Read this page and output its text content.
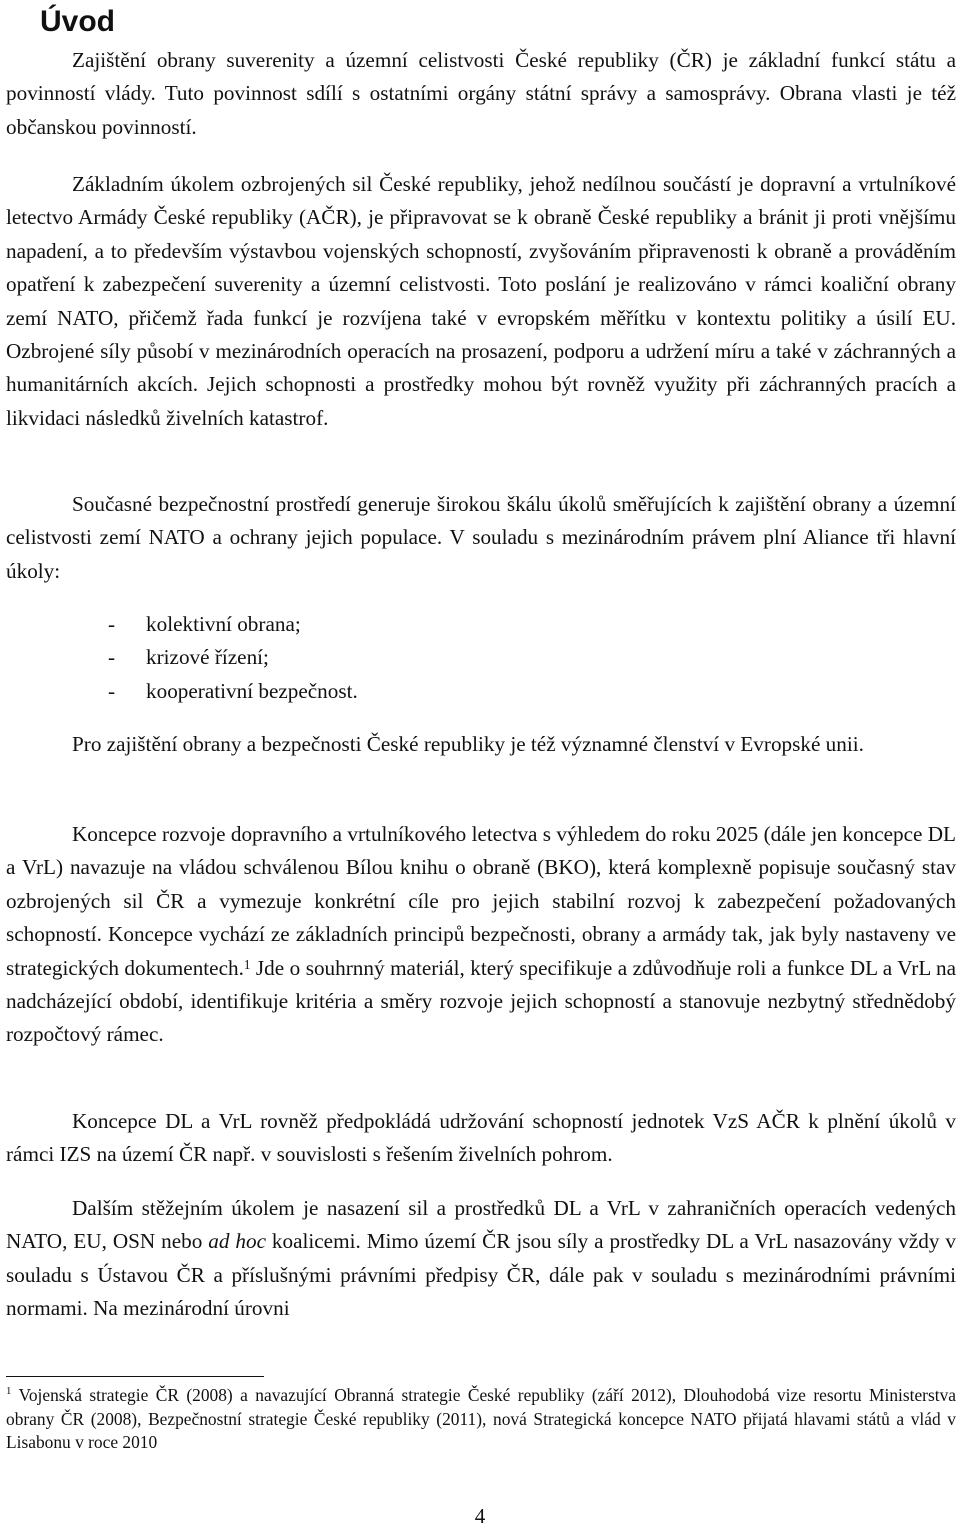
Úvod

Zajištění obrany suverenity a územní celistvosti České republiky (ČR) je základní funkcí státu a povinností vlády. Tuto povinnost sdílí s ostatními orgány státní správy a samosprávy. Obrana vlasti je též občanskou povinností.

Základním úkolem ozbrojených sil České republiky, jehož nedílnou součástí je dopravní a vrtulníkové letectvo Armády České republiky (AČR), je připravovat se k obraně České republiky a bránit ji proti vnějšímu napadení, a to především výstavbou vojenských schopností, zvyšováním připravenosti k obraně a prováděním opatření k zabezpečení suverenity a územní celistvosti. Toto poslání je realizováno v rámci koaliční obrany zemí NATO, přičemž řada funkcí je rozvíjena také v evropském měřítku v kontextu politiky a úsilí EU. Ozbrojené síly působí v mezinárodních operacích na prosazení, podporu a udržení míru a také v záchranných a humanitárních akcích. Jejich schopnosti a prostředky mohou být rovněž využity při záchranných pracích a likvidaci následků živelních katastrof.

Současné bezpečnostní prostředí generuje širokou škálu úkolů směřujících k zajištění obrany a územní celistvosti zemí NATO a ochrany jejich populace. V souladu s mezinárodním právem plní Aliance tři hlavní úkoly:

- kolektivní obrana;
- krizové řízení;
- kooperativní bezpečnost.

Pro zajištění obrany a bezpečnosti České republiky je též významné členství v Evropské unii.

Koncepce rozvoje dopravního a vrtulníkového letectva s výhledem do roku 2025 (dále jen koncepce DL a VrL) navazuje na vládou schválenou Bílou knihu o obraně (BKO), která komplexně popisuje současný stav ozbrojených sil ČR a vymezuje konkrétní cíle pro jejich stabilní rozvoj k zabezpečení požadovaných schopností. Koncepce vychází ze základních principů bezpečnosti, obrany a armády tak, jak byly nastaveny ve strategických dokumentech.$^1$ Jde o souhrnný materiál, který specifikuje a zdůvodňuje roli a funkce DL a VrL na nadcházející období, identifikuje kritéria a směry rozvoje jejich schopností a stanovuje nezbytný střednědobý rozpočtový rámec.

Koncepce DL a VrL rovněž předpokládá udržování schopností jednotek VzS AČR k plnění úkolů v rámci IZS na území ČR např. v souvislosti s řešením živelních pohrom.

Dalším stěžejním úkolem je nasazení sil a prostředků DL a VrL v zahraničních operacích vedených NATO, EU, OSN nebo ad hoc koalicemi. Mimo území ČR jsou síly a prostředky DL a VrL nasazovány vždy v souladu s Ústavou ČR a příslušnými právními předpisy ČR, dále pak v souladu s mezinárodními právními normami. Na mezinárodní úrovni

$^1$ Vojenská strategie ČR (2008) a navazující Obranná strategie České republiky (září 2012), Dlouhodobá vize resortu Ministerstva obrany ČR (2008), Bezpečnostní strategie České republiky (2011), nová Strategická koncepce NATO přijatá hlavami států a vlád v Lisabonu v roce 2010

4
